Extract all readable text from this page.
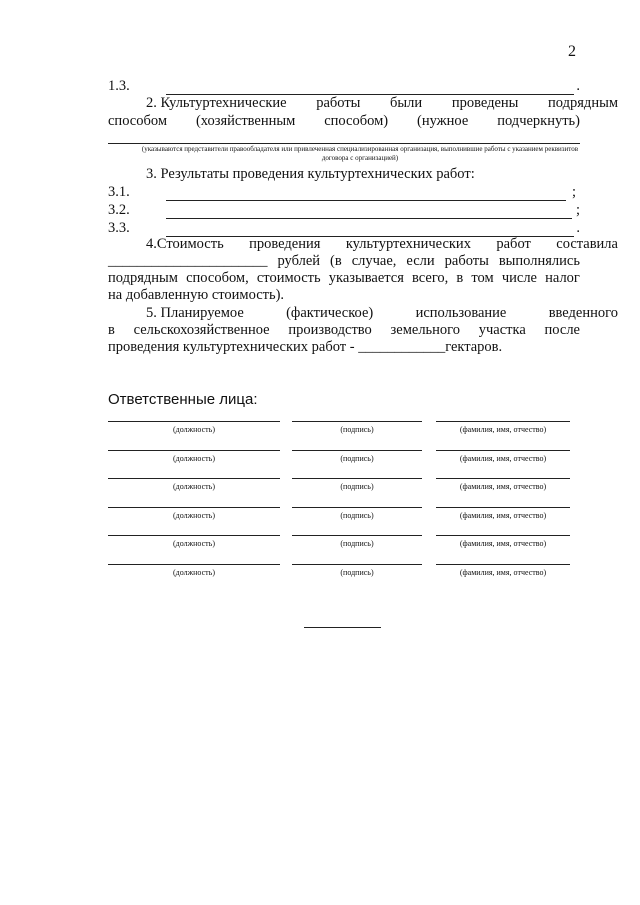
2
1.3.	.
2. Культуртехнические работы были проведены подрядным
способом (хозяйственным способом) (нужное подчеркнуть)
(указываются представители правообладателя или привлеченная специализированная организация, выполнившие работы с указанием реквизитов договора с организацией)
3. Результаты проведения культуртехнических работ:
3.1.	;
3.2.	;
3.3.	.
4.Стоимость проведения культуртехнических работ составила
______________________ рублей (в случае, если работы выполнялись
подрядным способом, стоимость указывается всего, в том числе налог
на добавленную стоимость).
5. Планируемое	(фактическое)	использование	введенного
в сельскохозяйственное производство земельного участка после
проведения культуртехнических работ - ____________гектаров.
Ответственные лица:
(должность)	(подпись)	(фамилия, имя, отчество)
(должность)	(подпись)	(фамилия, имя, отчество)
(должность)	(подпись)	(фамилия, имя, отчество)
(должность)	(подпись)	(фамилия, имя, отчество)
(должность)	(подпись)	(фамилия, имя, отчество)
(должность)	(подпись)	(фамилия, имя, отчество)
